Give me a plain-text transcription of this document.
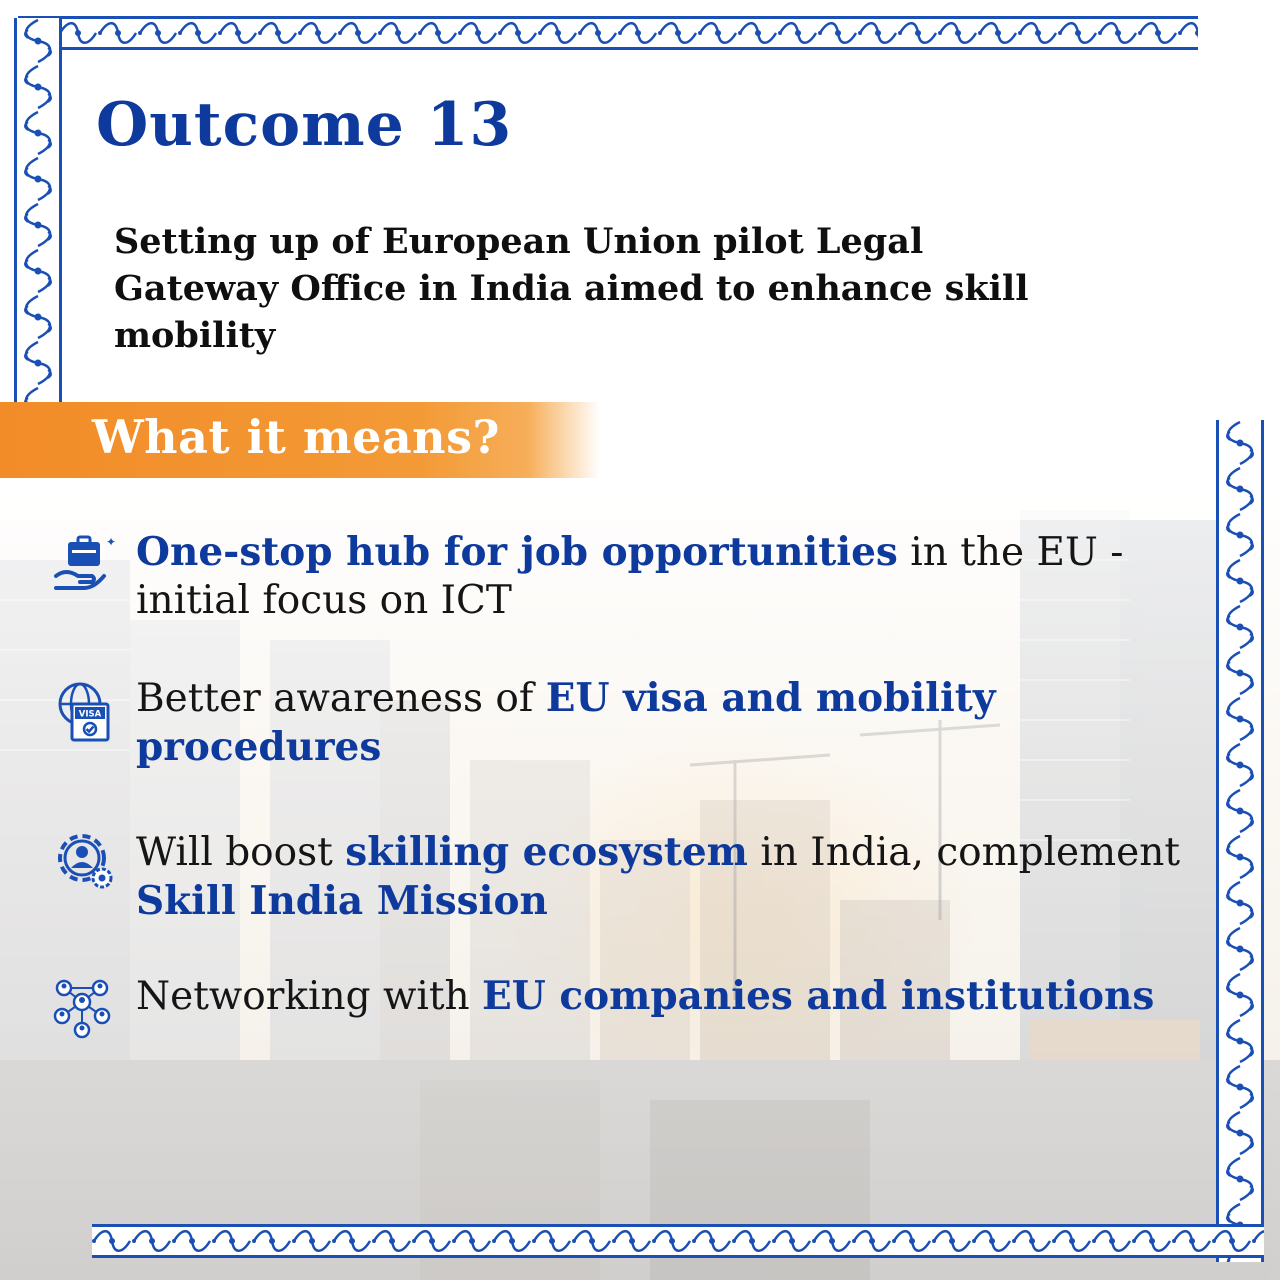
Outcome 13

Setting up of European Union pilot Legal Gateway Office in India aimed to enhance skill mobility

What it means?

✦ One-stop hub for job opportunities in the EU - initial focus on ICT

VISA Better awareness of EU visa and mobility procedures

Will boost skilling ecosystem in India, complement Skill India Mission

Networking with EU companies and institutions
